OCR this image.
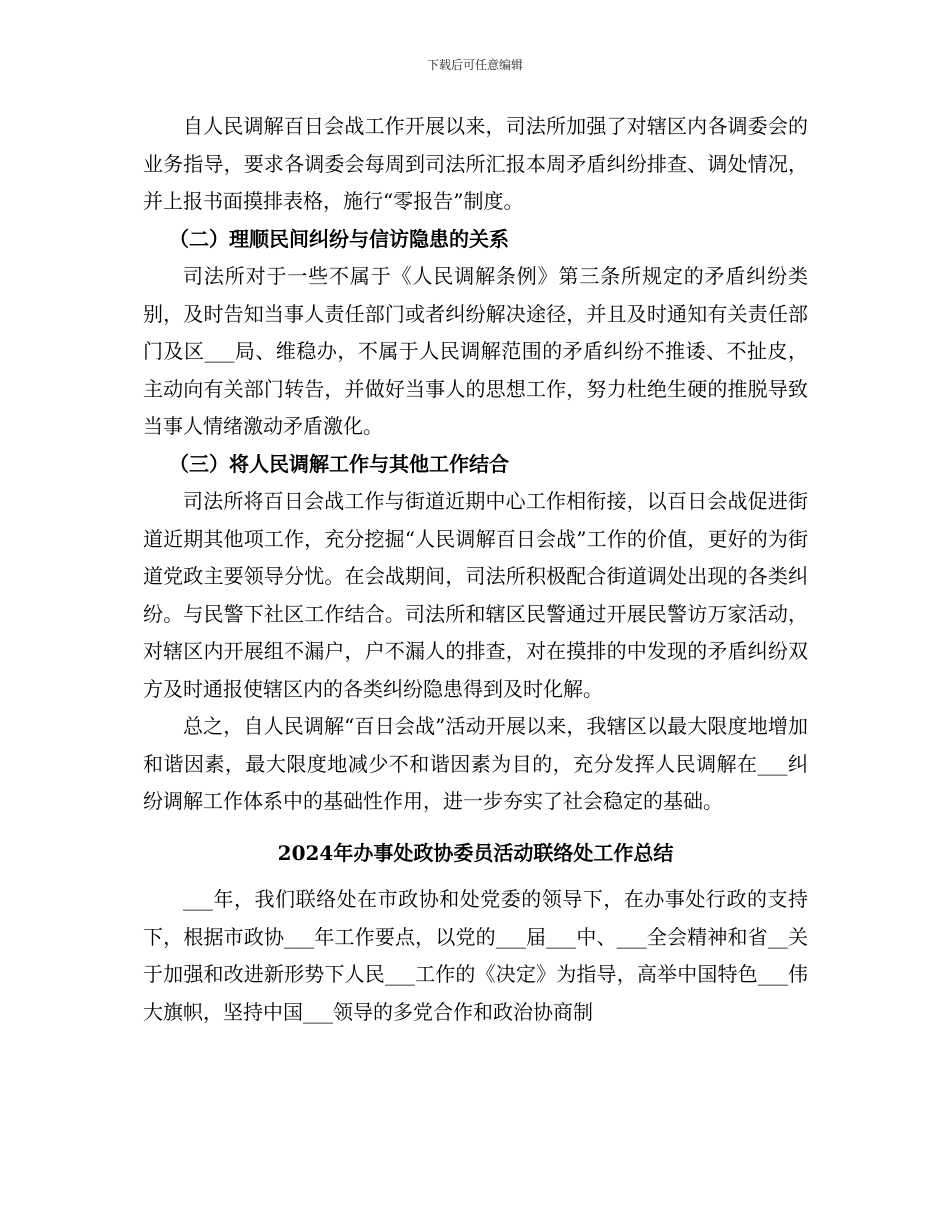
下载后可任意编辑

自人民调解百日会战工作开展以来，司法所加强了对辖区内各调委会的业务指导，要求各调委会每周到司法所汇报本周矛盾纠纷排查、调处情况，并上报书面摸排表格，施行“零报告”制度。

（二）理顺民间纠纷与信访隐患的关系

司法所对于一些不属于《人民调解条例》第三条所规定的矛盾纠纷类别，及时告知当事人责任部门或者纠纷解决途径，并且及时通知有关责任部门及区___局、维稳办，不属于人民调解范围的矛盾纠纷不推诿、不扯皮，主动向有关部门转告，并做好当事人的思想工作，努力杜绝生硬的推脱导致当事人情绪激动矛盾激化。

（三）将人民调解工作与其他工作结合

司法所将百日会战工作与街道近期中心工作相衔接，以百日会战促进街道近期其他项工作，充分挖掘“人民调解百日会战”工作的价值，更好的为街道党政主要领导分忧。在会战期间，司法所积极配合街道调处出现的各类纠纷。与民警下社区工作结合。司法所和辖区民警通过开展民警访万家活动，对辖区内开展组不漏户，户不漏人的排查，对在摸排的中发现的矛盾纠纷双方及时通报使辖区内的各类纠纷隐患得到及时化解。

总之，自人民调解“百日会战”活动开展以来，我辖区以最大限度地增加和谐因素，最大限度地减少不和谐因素为目的，充分发挥人民调解在___纠纷调解工作体系中的基础性作用，进一步夯实了社会稳定的基础。

2024年办事处政协委员活动联络处工作总结

___年，我们联络处在市政协和处党委的领导下，在办事处行政的支持下，根据市政协___年工作要点，以党的___届___中、___全会精神和省__关于加强和改进新形势下人民___工作的《决定》为指导，高举中国特色___伟大旗帜，坚持中国___领导的多党合作和政治协商制
